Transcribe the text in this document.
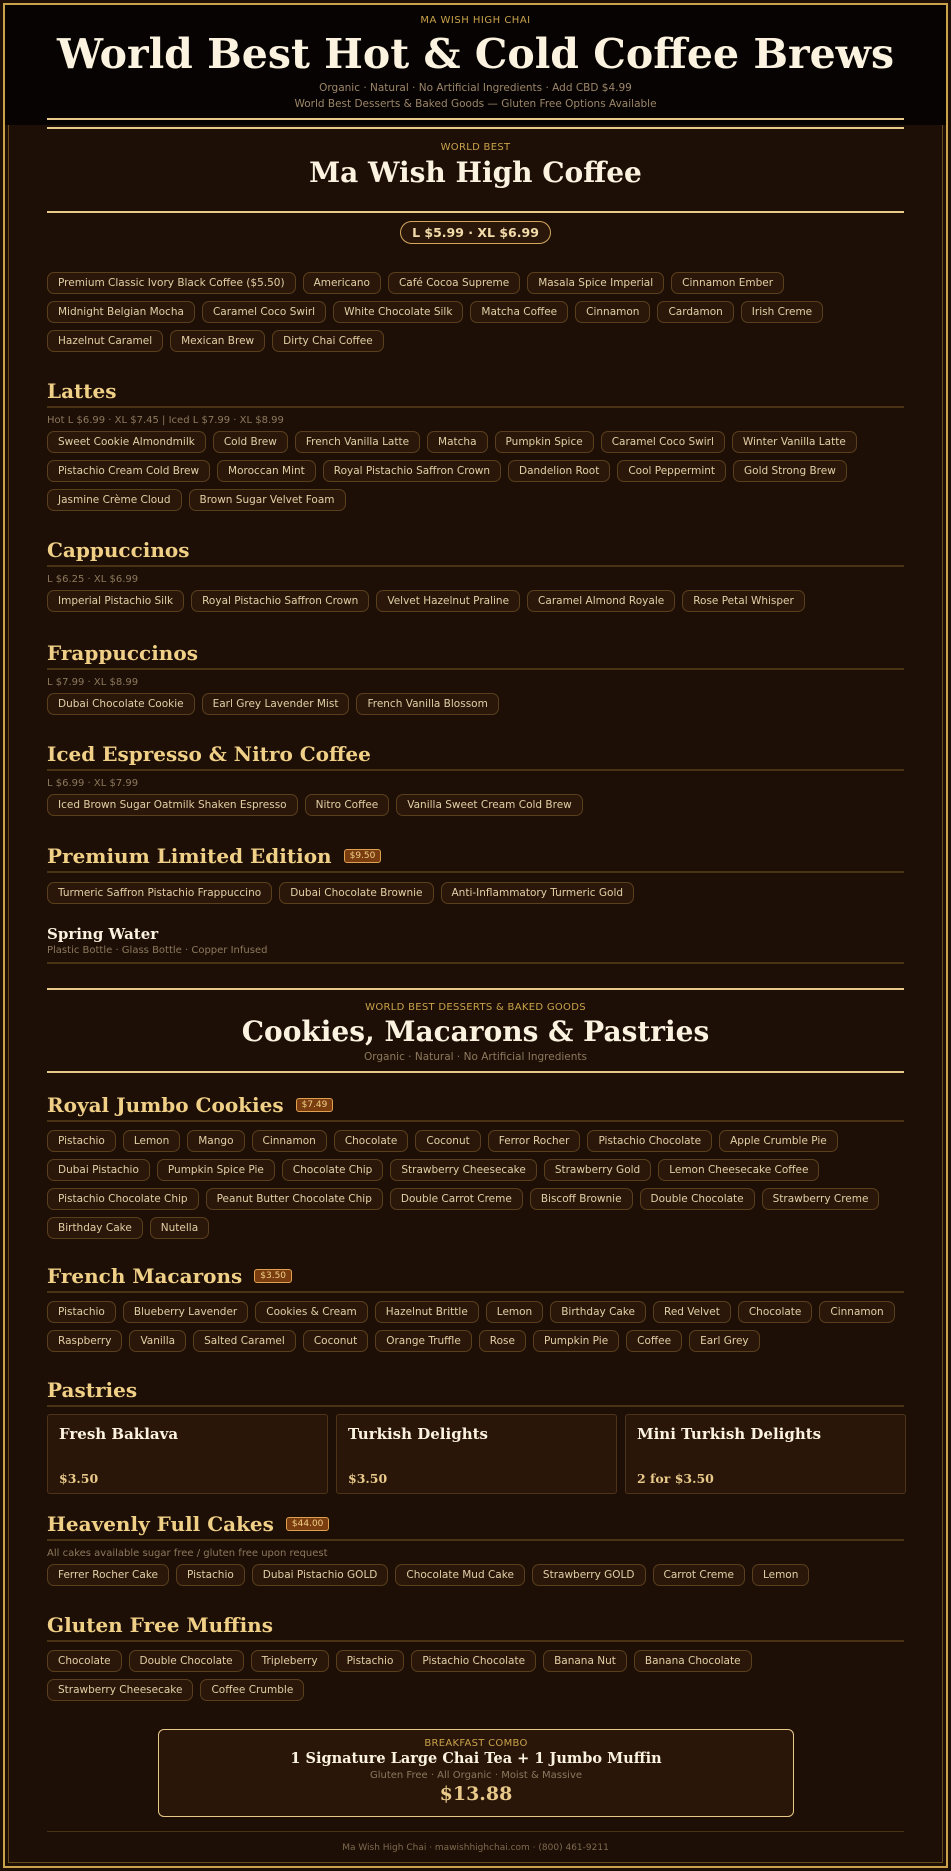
MA WISH HIGH CHAI
World Best Hot & Cold Coffee Brews
Organic · Natural · No Artificial Ingredients · Add CBD $4.99
World Best Desserts & Baked Goods — Gluten Free Options Available
WORLD BEST
Ma Wish High Coffee
L $5.99 · XL $6.99
Premium Classic Ivory Black Coffee ($5.50)	Americano	Café Cocoa Supreme	Masala Spice Imperial	Cinnamon Ember
Midnight Belgian Mocha	Caramel Coco Swirl	White Chocolate Silk	Matcha Coffee	Cinnamon	Cardamon	Irish Creme
Hazelnut Caramel	Mexican Brew	Dirty Chai Coffee
Lattes
Hot L $6.99 · XL $7.45 | Iced L $7.99 · XL $8.99
Sweet Cookie Almondmilk	Cold Brew	French Vanilla Latte	Matcha	Pumpkin Spice	Caramel Coco Swirl	Winter Vanilla Latte
Pistachio Cream Cold Brew	Moroccan Mint	Royal Pistachio Saffron Crown	Dandelion Root	Cool Peppermint	Gold Strong Brew
Jasmine Crème Cloud	Brown Sugar Velvet Foam
Cappuccinos
L $6.25 · XL $6.99
Imperial Pistachio Silk	Royal Pistachio Saffron Crown	Velvet Hazelnut Praline	Caramel Almond Royale	Rose Petal Whisper
Frappuccinos
L $7.99 · XL $8.99
Dubai Chocolate Cookie	Earl Grey Lavender Mist	French Vanilla Blossom
Iced Espresso & Nitro Coffee
L $6.99 · XL $7.99
Iced Brown Sugar Oatmilk Shaken Espresso	Nitro Coffee	Vanilla Sweet Cream Cold Brew
Premium Limited Edition	$9.50
Turmeric Saffron Pistachio Frappuccino	Dubai Chocolate Brownie	Anti-Inflammatory Turmeric Gold
Spring Water
Plastic Bottle · Glass Bottle · Copper Infused
WORLD BEST DESSERTS & BAKED GOODS
Cookies, Macarons & Pastries
Organic · Natural · No Artificial Ingredients
Royal Jumbo Cookies	$7.49
Pistachio	Lemon	Mango	Cinnamon	Chocolate	Coconut	Ferror Rocher	Pistachio Chocolate	Apple Crumble Pie
Dubai Pistachio	Pumpkin Spice Pie	Chocolate Chip	Strawberry Cheesecake	Strawberry Gold	Lemon Cheesecake Coffee
Pistachio Chocolate Chip	Peanut Butter Chocolate Chip	Double Carrot Creme	Biscoff Brownie	Double Chocolate	Strawberry Creme
Birthday Cake	Nutella
French Macarons	$3.50
Pistachio	Blueberry Lavender	Cookies & Cream	Hazelnut Brittle	Lemon	Birthday Cake	Red Velvet	Chocolate	Cinnamon
Raspberry	Vanilla	Salted Caramel	Coconut	Orange Truffle	Rose	Pumpkin Pie	Coffee	Earl Grey
Pastries
Fresh Baklava
$3.50
Turkish Delights
$3.50
Mini Turkish Delights
2 for $3.50
Heavenly Full Cakes	$44.00
All cakes available sugar free / gluten free upon request
Ferrer Rocher Cake	Pistachio	Dubai Pistachio GOLD	Chocolate Mud Cake	Strawberry GOLD	Carrot Creme	Lemon
Gluten Free Muffins
Chocolate	Double Chocolate	Tripleberry	Pistachio	Pistachio Chocolate	Banana Nut	Banana Chocolate
Strawberry Cheesecake	Coffee Crumble
BREAKFAST COMBO
1 Signature Large Chai Tea + 1 Jumbo Muffin
Gluten Free · All Organic · Moist & Massive
$13.88
Ma Wish High Chai · mawishhighchai.com · (800) 461-9211
